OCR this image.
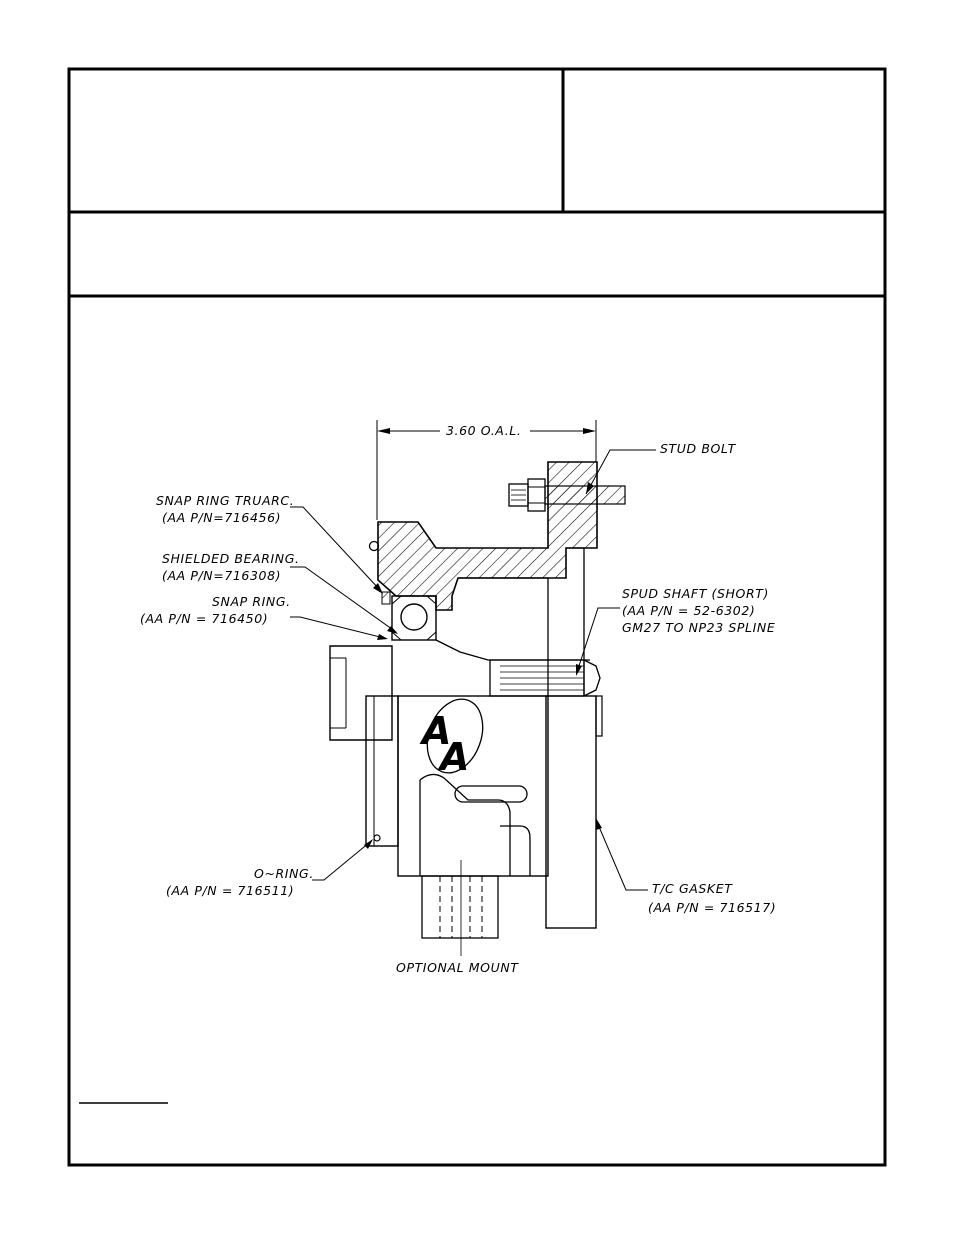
3.60 O.A.L.
A
A
STUD BOLT
SNAP RING TRUARC.
(AA P/N=716456)
SHIELDED BEARING.
(AA P/N=716308)
SNAP RING.
(AA P/N = 716450)
SPUD SHAFT (SHORT)
(AA P/N = 52-6302)
GM27 TO NP23 SPLINE
O~RING.
(AA P/N = 716511)	T/C GASKET
(AA P/N = 716517)
OPTIONAL MOUNT
